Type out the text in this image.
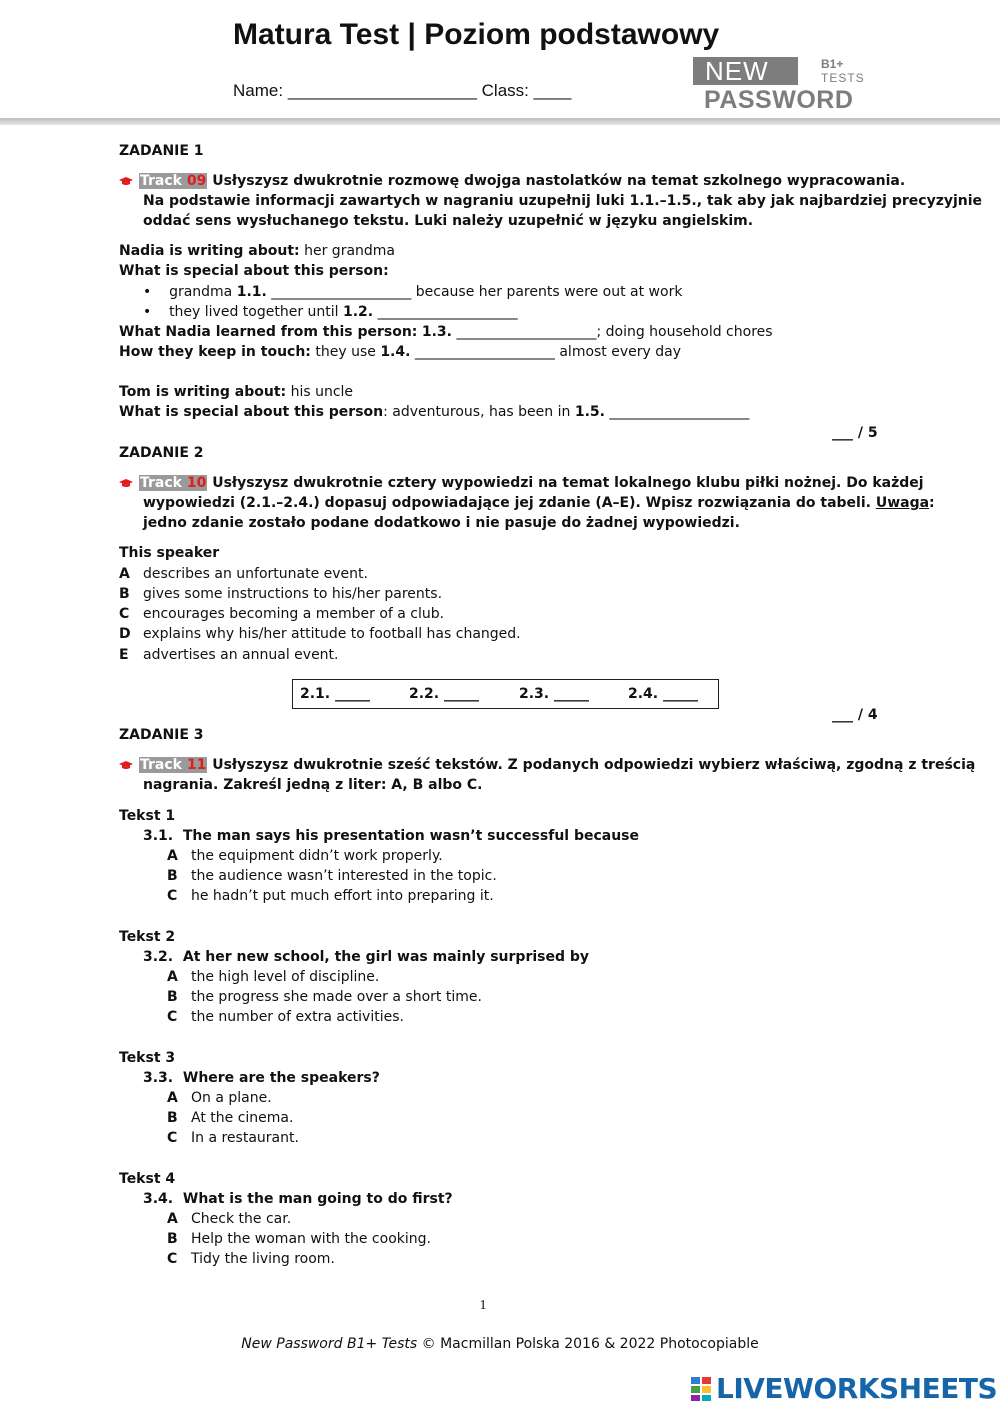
Matura Test | Poziom podstawowy
Name: ____________________ Class: ____
NEW	B1+
TESTS
PASSWORD
ZADANIE 1
Track 09 Usłyszysz dwukrotnie rozmowę dwojga nastolatków na temat szkolnego wypracowania.
Na podstawie informacji zawartych w nagraniu uzupełnij luki 1.1.–1.5., tak aby jak najbardziej precyzyjnie
oddać sens wysłuchanego tekstu. Luki należy uzupełnić w języku angielskim.
Nadia is writing about: her grandma
What is special about this person:
•    grandma 1.1. ____________________ because her parents were out at work
•    they lived together until 1.2. ____________________
What Nadia learned from this person: 1.3. ____________________; doing household chores
How they keep in touch: they use 1.4. ____________________ almost every day
Tom is writing about: his uncle
What is special about this person: adventurous, has been in 1.5. ____________________
___ / 5
ZADANIE 2
Track 10 Usłyszysz dwukrotnie cztery wypowiedzi na temat lokalnego klubu piłki nożnej. Do każdej
wypowiedzi (2.1.–2.4.) dopasuj odpowiadające jej zdanie (A–E). Wpisz rozwiązania do tabeli. Uwaga:
jedno zdanie zostało podane dodatkowo i nie pasuje do żadnej wypowiedzi.
This speaker
A describes an unfortunate event.
B gives some instructions to his/her parents.
C encourages becoming a member of a club.
D explains why his/her attitude to football has changed.
E advertises an annual event.
2.1. _____	2.2. _____	2.3. _____	2.4. _____
___ / 4
ZADANIE 3
Track 11 Usłyszysz dwukrotnie sześć tekstów. Z podanych odpowiedzi wybierz właściwą, zgodną z treścią
nagrania. Zakreśl jedną z liter: A, B albo C.
Tekst 1
3.1. The man says his presentation wasn’t successful because
A the equipment didn’t work properly.
B the audience wasn’t interested in the topic.
C he hadn’t put much effort into preparing it.
Tekst 2
3.2. At her new school, the girl was mainly surprised by
A the high level of discipline.
B the progress she made over a short time.
C the number of extra activities.
Tekst 3
3.3. Where are the speakers?
A On a plane.
B At the cinema.
C In a restaurant.
Tekst 4
3.4. What is the man going to do first?
A Check the car.
B Help the woman with the cooking.
C Tidy the living room.
1
New Password B1+ Tests © Macmillan Polska 2016 & 2022 Photocopiable
LIVEWORKSHEETS
